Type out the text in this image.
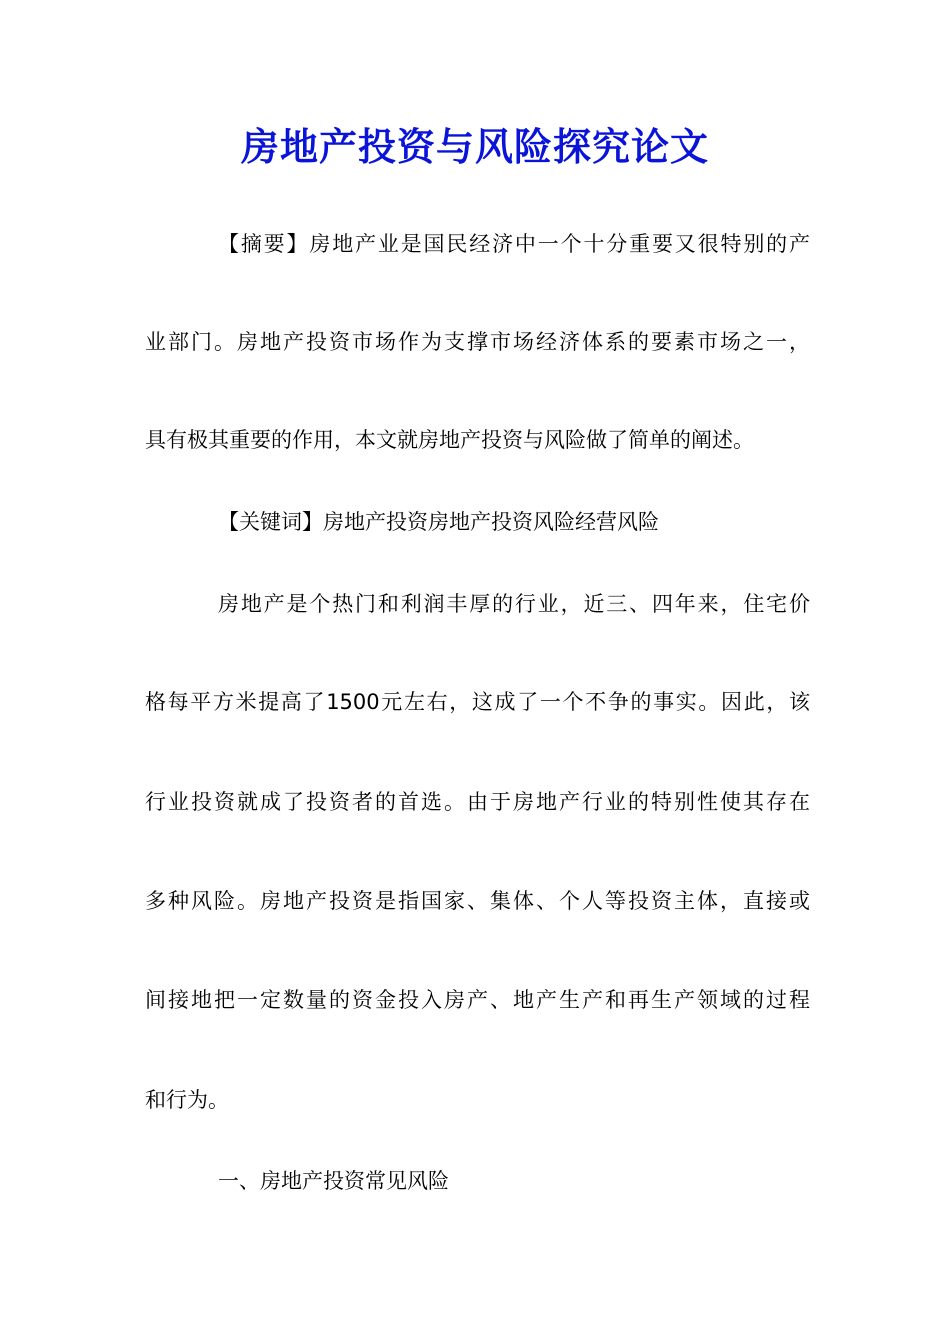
房地产投资与风险探究论文
【摘要】房地产业是国民经济中一个十分重要又很特别的产
业部门。房地产投资市场作为支撑市场经济体系的要素市场之一，
具有极其重要的作用，本文就房地产投资与风险做了简单的阐述。
【关键词】房地产投资房地产投资风险经营风险
房地产是个热门和利润丰厚的行业，近三、四年来，住宅价
格每平方米提高了1500元左右，这成了一个不争的事实。因此，该
行业投资就成了投资者的首选。由于房地产行业的特别性使其存在
多种风险。房地产投资是指国家、集体、个人等投资主体，直接或
间接地把一定数量的资金投入房产、地产生产和再生产领域的过程
和行为。
一、房地产投资常见风险
